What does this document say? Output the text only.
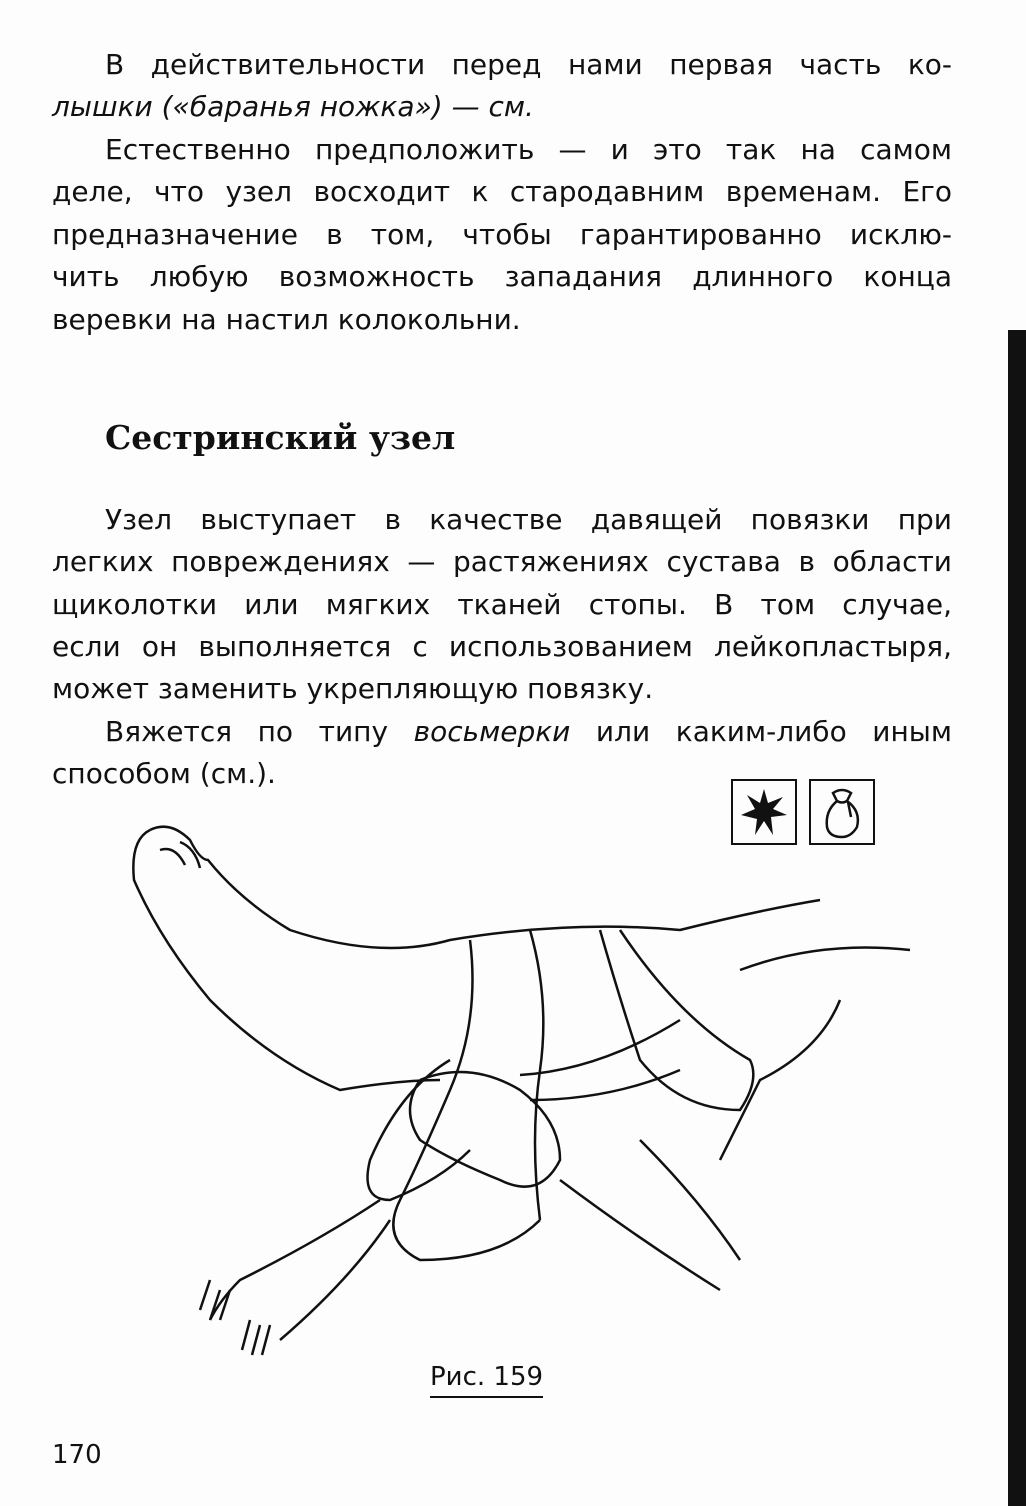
В действительности перед нами первая часть ко-
лышки («баранья ножка») — см.
Естественно предположить — и это так на самом
деле, что узел восходит к стародавним временам. Его
предназначение в том, чтобы гарантированно исклю-
чить любую возможность западания длинного конца
веревки на настил колокольни.
Сестринский узел
Узел выступает в качестве давящей повязки при
легких повреждениях — растяжениях сустава в области
щиколотки или мягких тканей стопы. В том случае,
если он выполняется с использованием лейкопластыря,
может заменить укрепляющую повязку.
Вяжется по типу восьмерки или каким-либо иным
способом (см.).
Рис. 159
170
